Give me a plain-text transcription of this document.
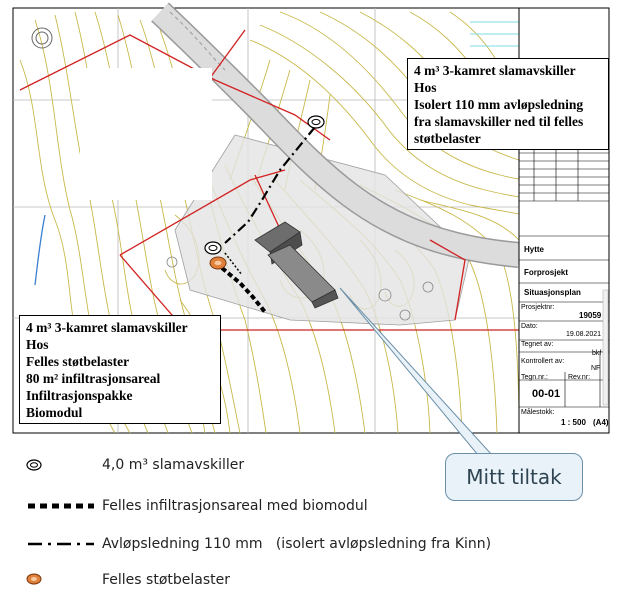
Hytte
Forprosjekt
Situasjonsplan
Prosjektnr:
19059
Dato:
19.08.2021
Tegnet av:
bkf
Kontrollert av:
NF
Tegn.nr.:	Rev.nr:
00-01
Målestokk:
1 : 500 (A4)
4 m³ 3-kamret slamavskiller
Hos
Isolert 110 mm avløpsledning
fra slamavskiller ned til felles
støtbelaster
4 m³ 3-kamret slamavskiller
Hos
Felles støtbelaster
80 m² infiltrasjonsareal
Infiltrasjonspakke
Biomodul
Mitt tiltak
4,0 m³ slamavskiller
Felles infiltrasjonsareal med biomodul
Avløpsledning 110 mm   (isolert avløpsledning fra Kinn)
Felles støtbelaster
